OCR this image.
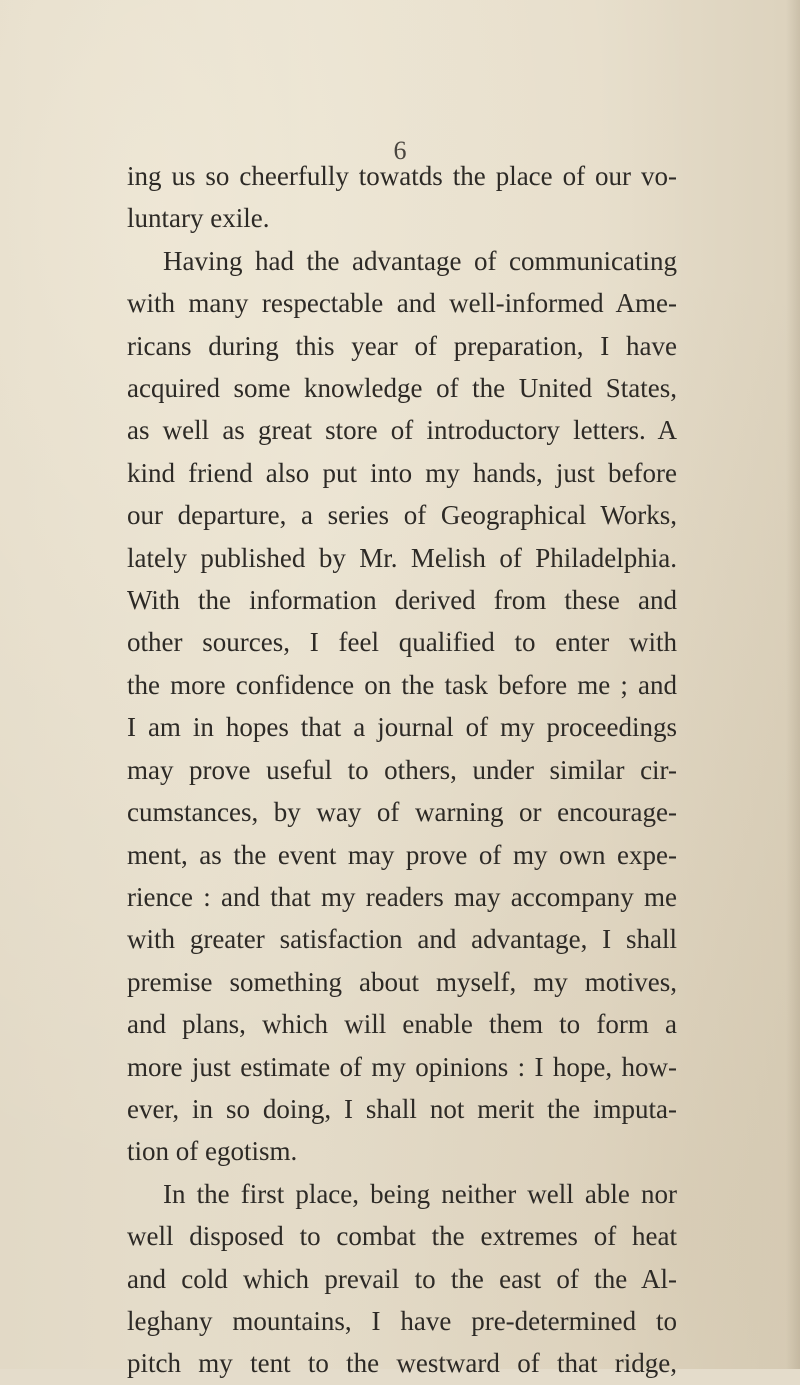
6
ing us so cheerfully towatds the place of our vo-
luntary exile.
Having had the advantage of communicating
with many respectable and well-informed Ame-
ricans during this year of preparation, I have
acquired some knowledge of the United States,
as well as great store of introductory letters. A
kind friend also put into my hands, just before
our departure, a series of Geographical Works,
lately published by Mr. Melish of Philadelphia.
With the information derived from these and
other sources, I feel qualified to enter with
the more confidence on the task before me ; and
I am in hopes that a journal of my proceedings
may prove useful to others, under similar cir-
cumstances, by way of warning or encourage-
ment, as the event may prove of my own expe-
rience : and that my readers may accompany me
with greater satisfaction and advantage, I shall
premise something about myself, my motives,
and plans, which will enable them to form a
more just estimate of my opinions : I hope, how-
ever, in so doing, I shall not merit the imputa-
tion of egotism.
In the first place, being neither well able nor
well disposed to combat the extremes of heat
and cold which prevail to the east of the Al-
leghany mountains, I have pre-determined to
pitch my tent to the westward of that ridge,
